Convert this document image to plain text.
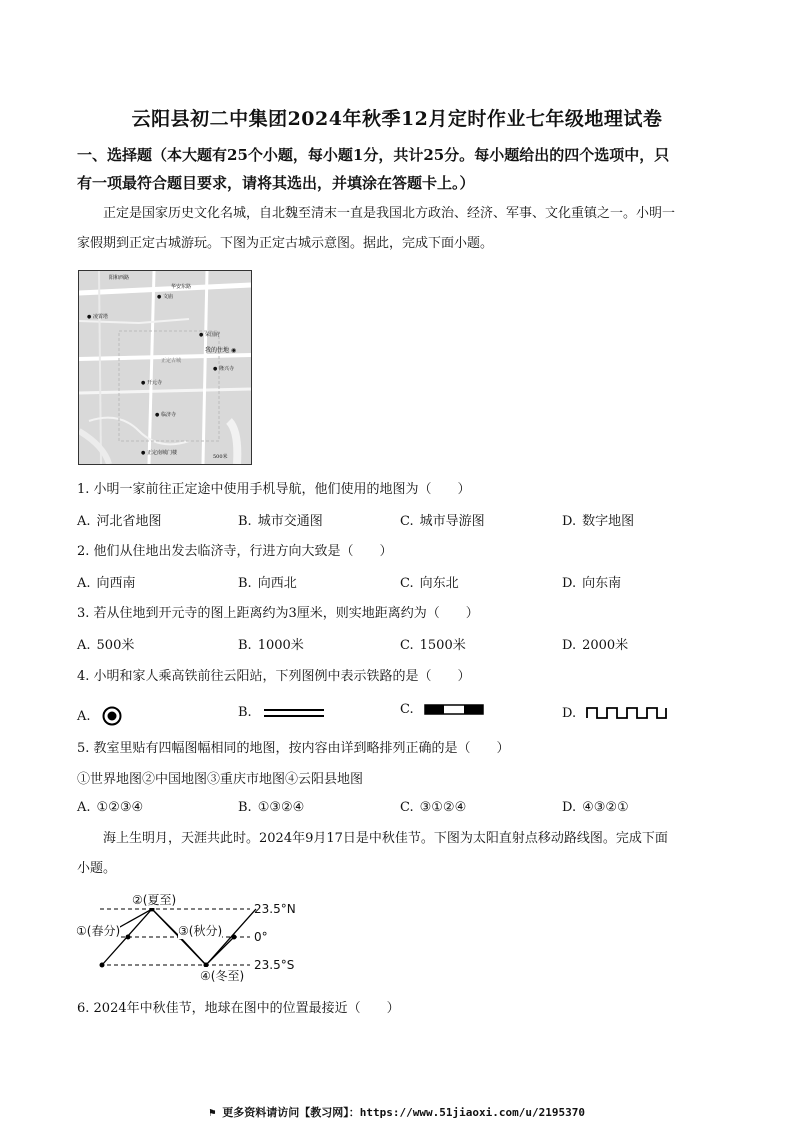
云阳县初二中集团2024年秋季12月定时作业七年级地理试卷
一、选择题（本大题有25个小题，每小题1分，共计25分。每小题给出的四个选项中，只
有一项最符合题目要求，请将其选出，并填涂在答题卡上。）
正定是国家历史文化名城，自北魏至清末一直是我国北方政治、经济、军事、文化重镇之一。小明一
家假期到正定古城游玩。下图为正定古城示意图。据此，完成下面小题。
华安东路
阳和西路
● 文庙
● 凌霄塔
● 荣国府
我的住地 ◉
正定古城
● 隆兴寺
● 开元寺
● 临济寺
● 正定南城门楼
500米
1. 小明一家前往正定途中使用手机导航，他们使用的地图为（　　）
A. 河北省地图	B. 城市交通图	C. 城市导游图	D. 数字地图
2. 他们从住地出发去临济寺，行进方向大致是（　　）
A. 向西南	B. 向西北	C. 向东北	D. 向东南
3. 若从住地到开元寺的图上距离约为3厘米，则实地距离约为（　　）
A. 500米	B. 1000米	C. 1500米	D. 2000米
4. 小明和家人乘高铁前往云阳站，下列图例中表示铁路的是（　　）
A.	B.	C.	D.
5. 教室里贴有四幅图幅相同的地图，按内容由详到略排列正确的是（　　）
①世界地图②中国地图③重庆市地图④云阳县地图
A. ①②③④	B. ①③②④	C. ③①②④	D. ④③②①
海上生明月，天涯共此时。2024年9月17日是中秋佳节。下图为太阳直射点移动路线图。完成下面
小题。
②(夏至)
①(春分)	③(秋分)
④(冬至)
23.5°N
0°
23.5°S
6. 2024年中秋佳节，地球在图中的位置最接近（　　）
⚑ 更多资料请访问【教习网】：https://www.51jiaoxi.com/u/2195370
